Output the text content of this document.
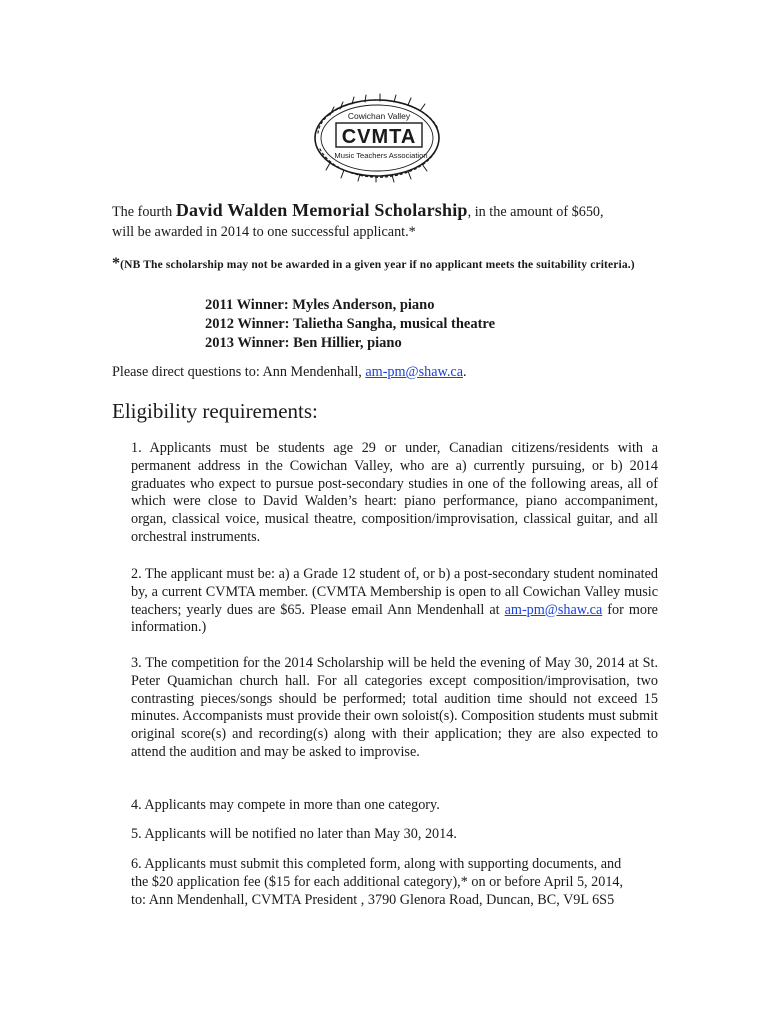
Cowichan Valley
CVMTA
Music Teachers Association
The fourth David Walden Memorial Scholarship, in the amount of $650,
will be awarded in 2014 to one successful applicant.*
*(NB The scholarship may not be awarded in a given year if no applicant meets the suitability criteria.)
2011 Winner: Myles Anderson, piano
2012 Winner: Talietha Sangha, musical theatre
2013 Winner: Ben Hillier, piano
Please direct questions to: Ann Mendenhall, am-pm@shaw.ca.
Eligibility requirements:
1. Applicants must be students age 29 or under, Canadian citizens/residents with a permanent address in the Cowichan Valley, who are a) currently pursuing, or b) 2014 graduates who expect to pursue post-secondary studies in one of the following areas, all of which were close to David Walden’s heart: piano performance, piano accompaniment, organ, classical voice, musical theatre, composition/improvisation, classical guitar, and all orchestral instruments.
2. The applicant must be: a) a Grade 12 student of, or b) a post-secondary student nominated by, a current CVMTA member. (CVMTA Membership is open to all Cowichan Valley music teachers; yearly dues are $65. Please email Ann Mendenhall at am-pm@shaw.ca for more information.)
3. The competition for the 2014 Scholarship will be held the evening of May 30, 2014 at St. Peter Quamichan church hall. For all categories except composition/improvisation, two contrasting pieces/songs should be performed; total audition time should not exceed 15 minutes. Accompanists must provide their own soloist(s). Composition students must submit original score(s) and recording(s) along with their application; they are also expected to attend the audition and may be asked to improvise.
4. Applicants may compete in more than one category.
5. Applicants will be notified no later than May 30, 2014.
6. Applicants must submit this completed form, along with supporting documents, and
the $20 application fee ($15 for each additional category),* on or before April 5, 2014,
to: Ann Mendenhall, CVMTA President , 3790 Glenora Road, Duncan, BC, V9L 6S5
